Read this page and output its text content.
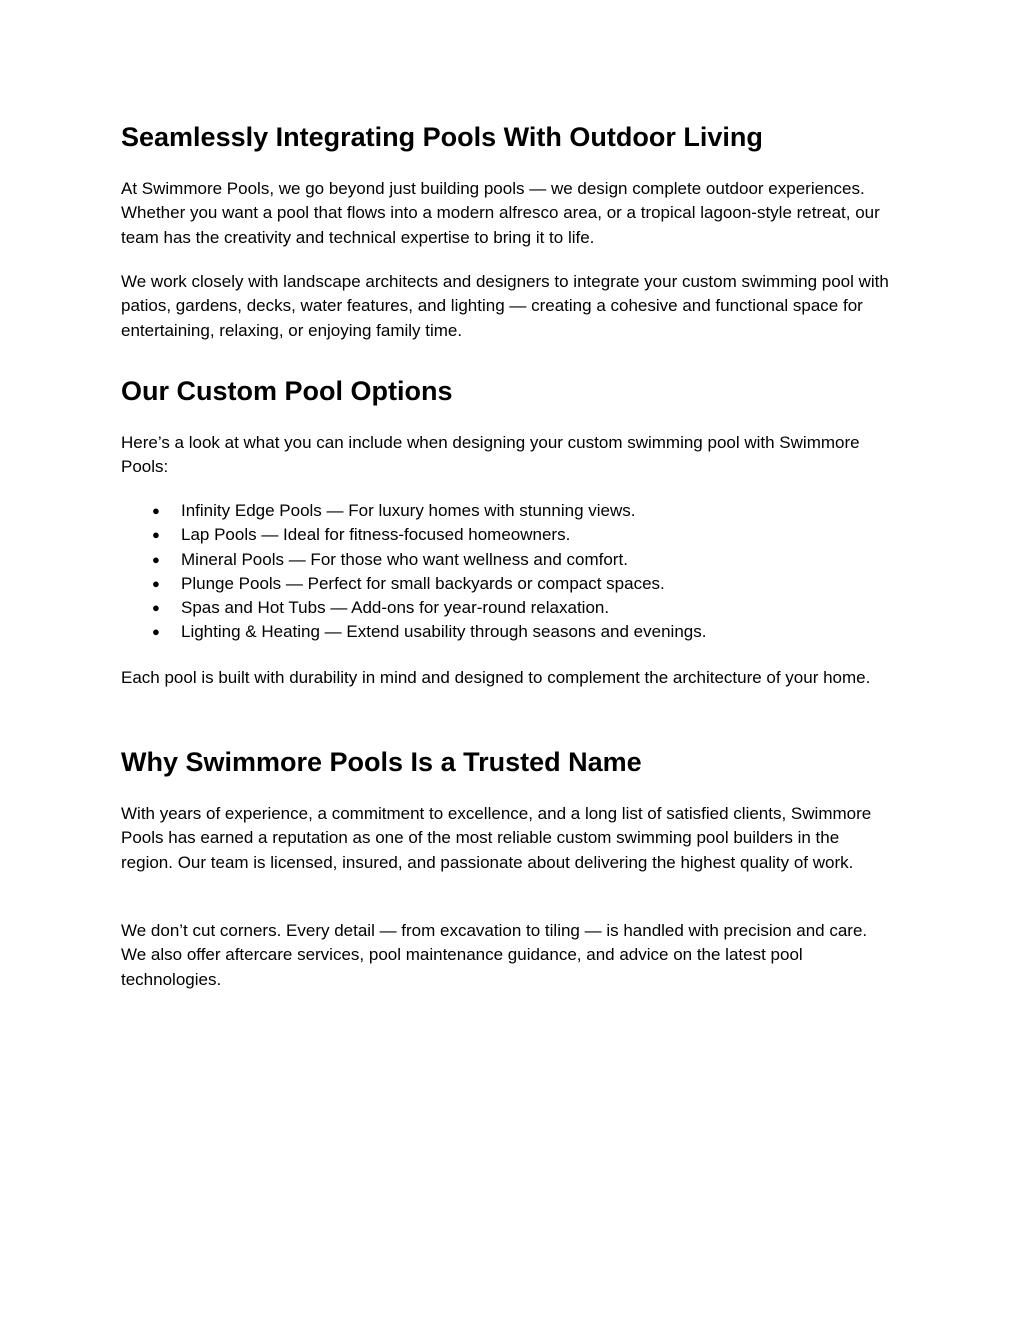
Seamlessly Integrating Pools With Outdoor Living

At Swimmore Pools, we go beyond just building pools — we design complete outdoor experiences. Whether you want a pool that flows into a modern alfresco area, or a tropical lagoon-style retreat, our team has the creativity and technical expertise to bring it to life.

We work closely with landscape architects and designers to integrate your custom swimming pool with patios, gardens, decks, water features, and lighting — creating a cohesive and functional space for entertaining, relaxing, or enjoying family time.

Our Custom Pool Options

Here’s a look at what you can include when designing your custom swimming pool with Swimmore Pools:

● Infinity Edge Pools — For luxury homes with stunning views.
● Lap Pools — Ideal for fitness-focused homeowners.
● Mineral Pools — For those who want wellness and comfort.
● Plunge Pools — Perfect for small backyards or compact spaces.
● Spas and Hot Tubs — Add-ons for year-round relaxation.
● Lighting & Heating — Extend usability through seasons and evenings.

Each pool is built with durability in mind and designed to complement the architecture of your home.

Why Swimmore Pools Is a Trusted Name

With years of experience, a commitment to excellence, and a long list of satisfied clients, Swimmore Pools has earned a reputation as one of the most reliable custom swimming pool builders in the region. Our team is licensed, insured, and passionate about delivering the highest quality of work.

We don’t cut corners. Every detail — from excavation to tiling — is handled with precision and care. We also offer aftercare services, pool maintenance guidance, and advice on the latest pool technologies.
